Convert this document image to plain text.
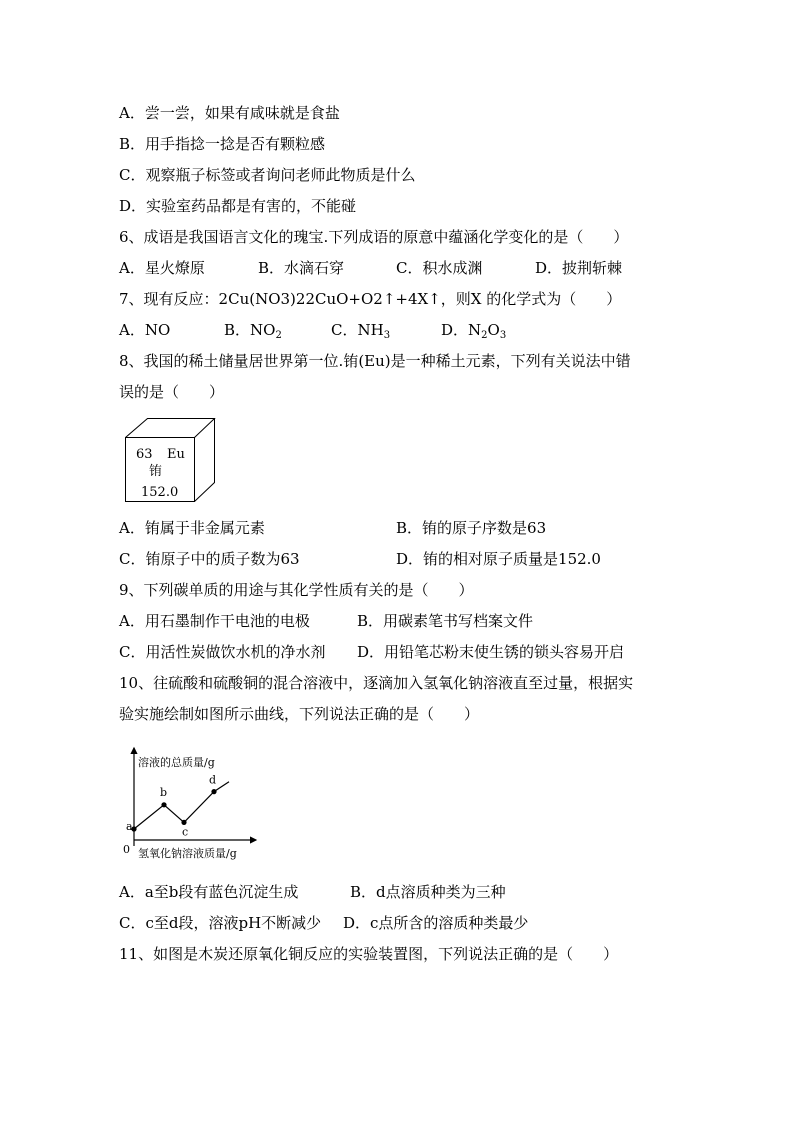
A．尝一尝，如果有咸味就是食盐
B．用手指捻一捻是否有颗粒感
C．观察瓶子标签或者询问老师此物质是什么
D．实验室药品都是有害的，不能碰
6、成语是我国语言文化的瑰宝.下列成语的原意中蕴涵化学变化的是（　　）
A．星火燎原	B．水滴石穿	C．积水成渊	D．披荆斩棘
7、现有反应：2Cu(NO3)22CuO+O2↑+4X↑，则X 的化学式为（　　）
A．NO	B．$NO_2$	C．$NH_3$	D．$N_2O_3$
8、我国的稀土储量居世界第一位.铕(Eu)是一种稀土元素，下列有关说法中错
误的是（　　）
63 Eu
铕
152.0
A．铕属于非金属元素	B．铕的原子序数是63
C．铕原子中的质子数为63	D．铕的相对原子质量是152.0
9、下列碳单质的用途与其化学性质有关的是（　　）
A．用石墨制作干电池的电极	B．用碳素笔书写档案文件
C．用活性炭做饮水机的净水剂 D．用铅笔芯粉末使生锈的锁头容易开启
10、往硫酸和硫酸铜的混合溶液中，逐滴加入氢氧化钠溶液直至过量，根据实
验实施绘制如图所示曲线，下列说法正确的是（　　）
溶液的总质量/g
氢氧化钠溶液质量/g
0
a
b
c
d
A．a至b段有蓝色沉淀生成	B．d点溶质种类为三种
C．c至d段，溶液pH不断减少 D．c点所含的溶质种类最少
11、如图是木炭还原氧化铜反应的实验装置图，下列说法正确的是（　　）
